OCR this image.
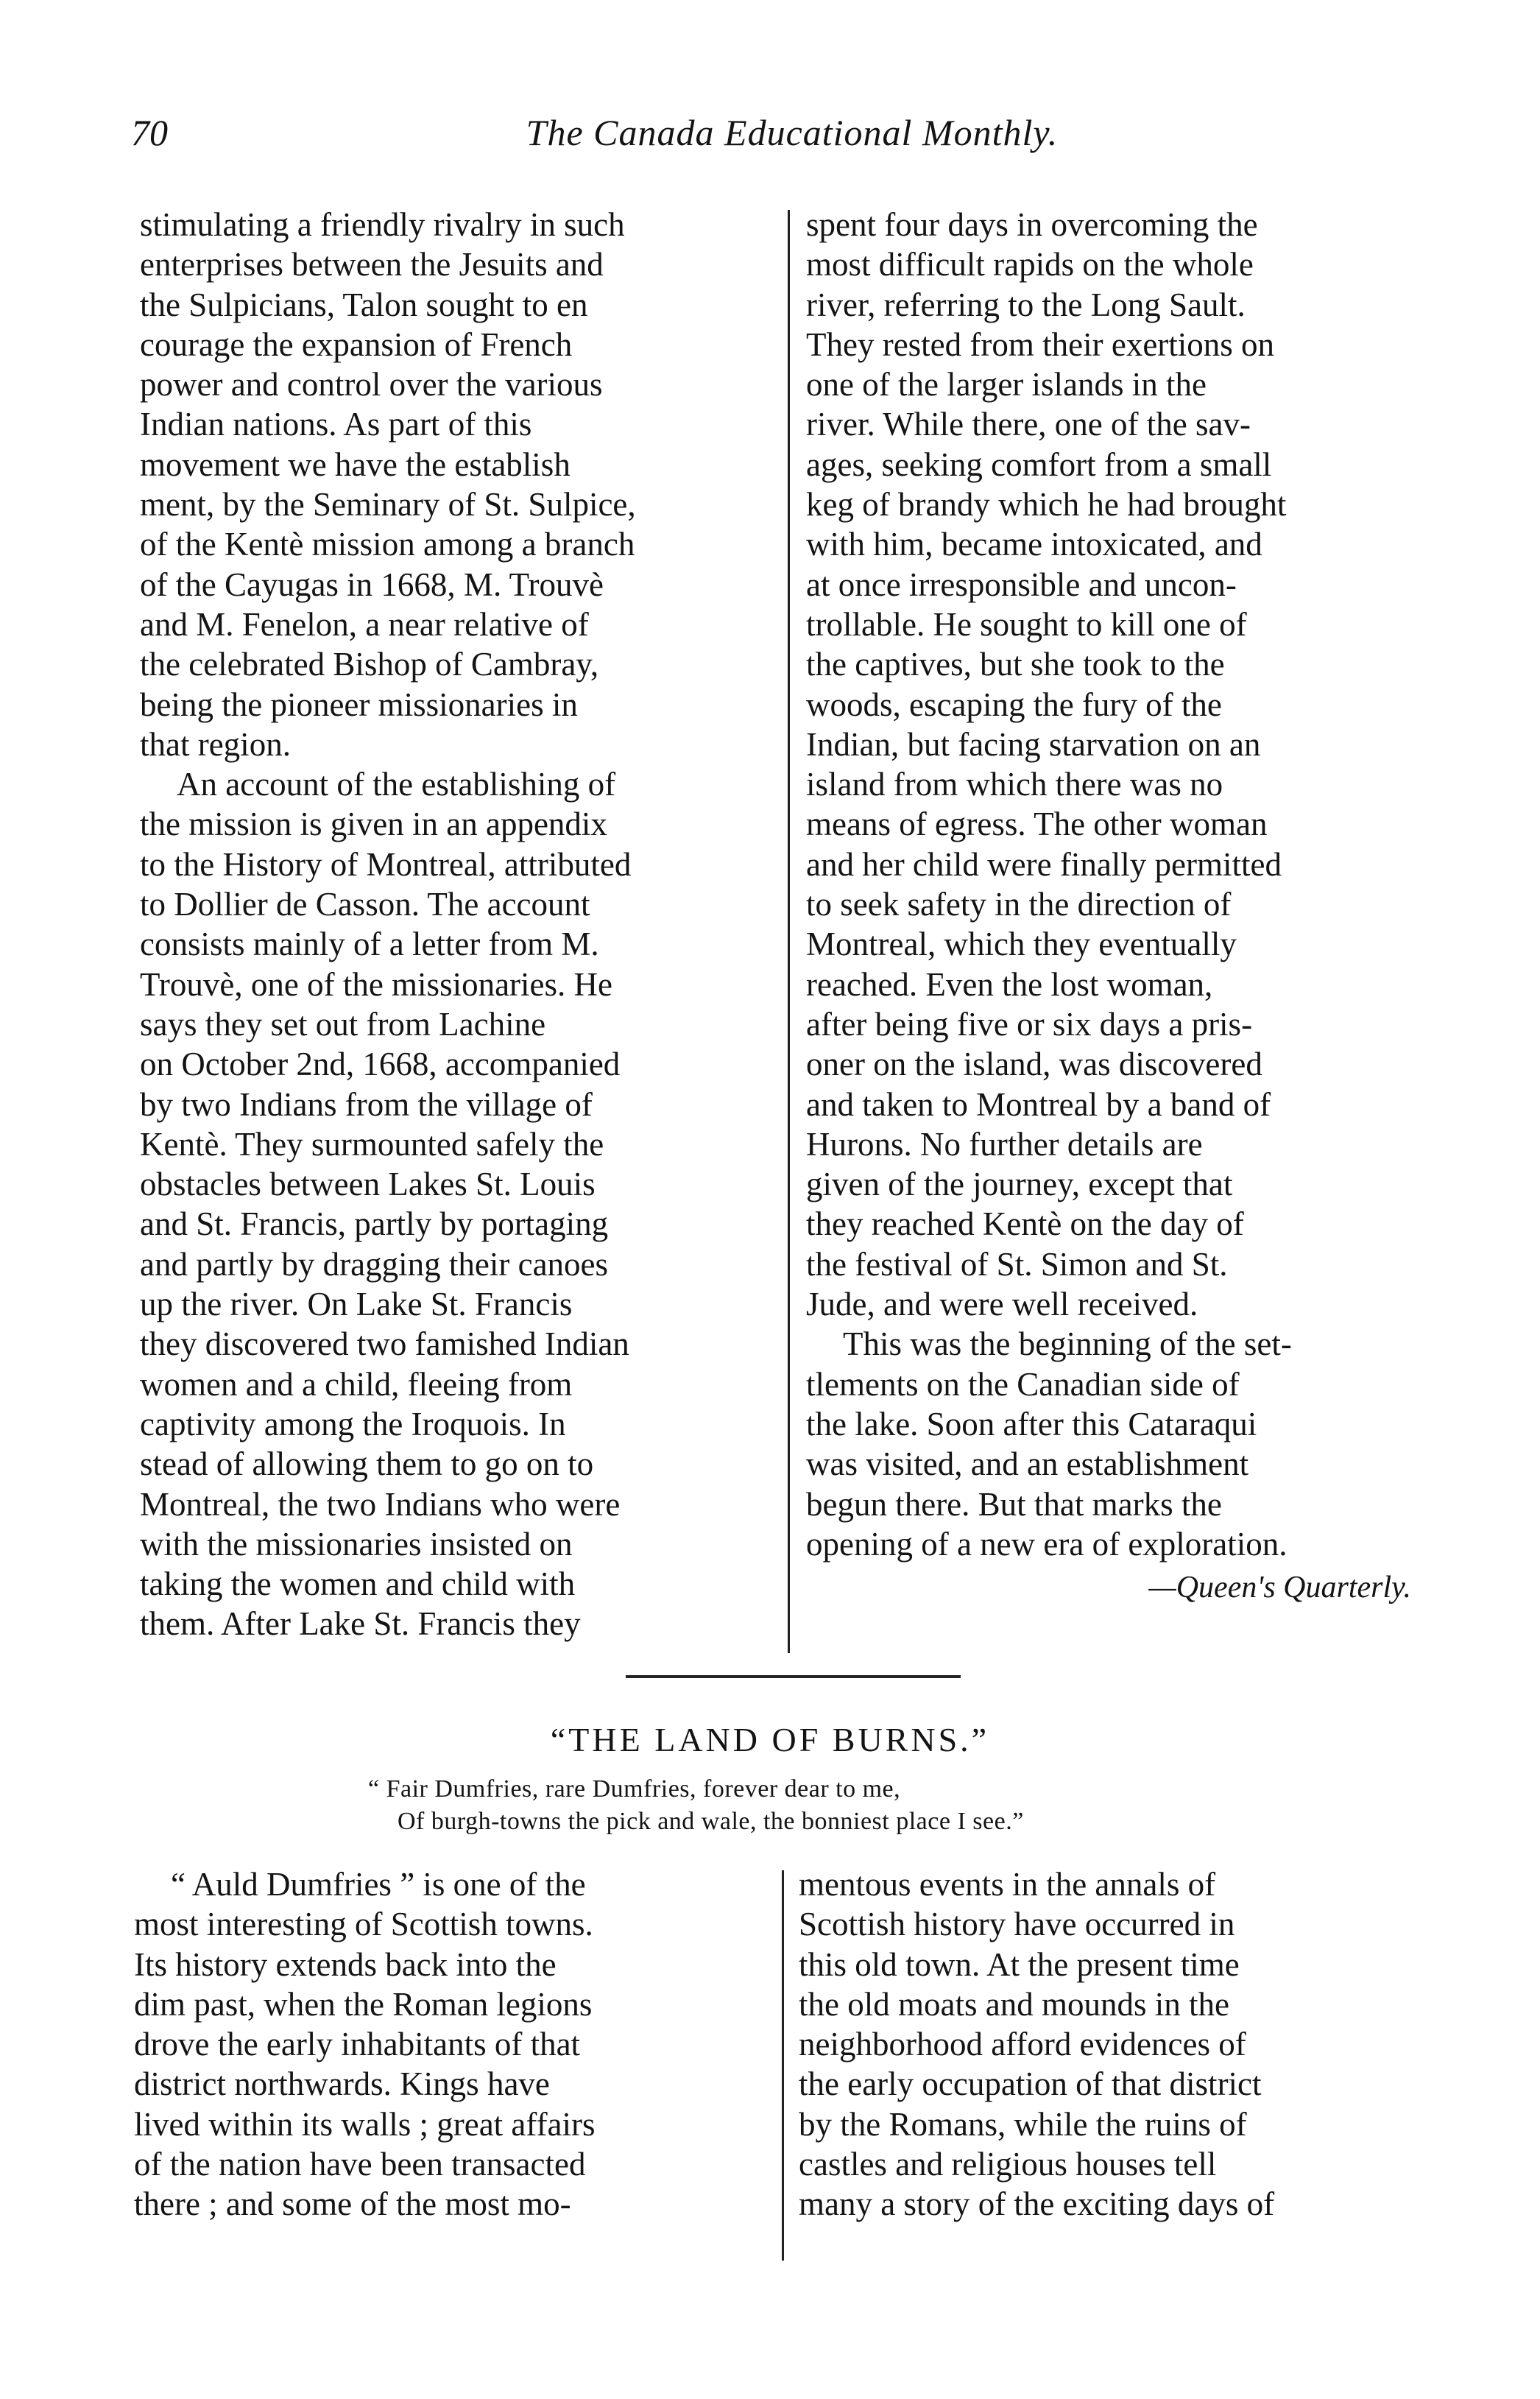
70	The Canada Educational Monthly.
stimulating a friendly rivalry in such
enterprises between the Jesuits and
the Sulpicians, Talon sought to en
courage the expansion of French
power and control over the various
Indian nations. As part of this
movement we have the establish
ment, by the Seminary of St. Sulpice,
of the Kentè mission among a branch
of the Cayugas in 1668, M. Trouvè
and M. Fenelon, a near relative of
the celebrated Bishop of Cambray,
being the pioneer missionaries in
that region.
An account of the establishing of
the mission is given in an appendix
to the History of Montreal, attributed
to Dollier de Casson. The account
consists mainly of a letter from M.
Trouvè, one of the missionaries. He
says they set out from Lachine
on October 2nd, 1668, accompanied
by two Indians from the village of
Kentè. They surmounted safely the
obstacles between Lakes St. Louis
and St. Francis, partly by portaging
and partly by dragging their canoes
up the river. On Lake St. Francis
they discovered two famished Indian
women and a child, fleeing from
captivity among the Iroquois. In
stead of allowing them to go on to
Montreal, the two Indians who were
with the missionaries insisted on
taking the women and child with
them. After Lake St. Francis they
spent four days in overcoming the
most difficult rapids on the whole
river, referring to the Long Sault.
They rested from their exertions on
one of the larger islands in the
river. While there, one of the sav-
ages, seeking comfort from a small
keg of brandy which he had brought
with him, became intoxicated, and
at once irresponsible and uncon-
trollable. He sought to kill one of
the captives, but she took to the
woods, escaping the fury of the
Indian, but facing starvation on an
island from which there was no
means of egress. The other woman
and her child were finally permitted
to seek safety in the direction of
Montreal, which they eventually
reached. Even the lost woman,
after being five or six days a pris-
oner on the island, was discovered
and taken to Montreal by a band of
Hurons. No further details are
given of the journey, except that
they reached Kentè on the day of
the festival of St. Simon and St.
Jude, and were well received.
This was the beginning of the set-
tlements on the Canadian side of
the lake. Soon after this Cataraqui
was visited, and an establishment
begun there. But that marks the
opening of a new era of exploration.
—Queen's Quarterly.
“THE LAND OF BURNS.”
“ Fair Dumfries, rare Dumfries, forever dear to me,
Of burgh-towns the pick and wale, the bonniest place I see.”
“ Auld Dumfries ” is one of the
most interesting of Scottish towns.
Its history extends back into the
dim past, when the Roman legions
drove the early inhabitants of that
district northwards. Kings have
lived within its walls ; great affairs
of the nation have been transacted
there ; and some of the most mo-
mentous events in the annals of
Scottish history have occurred in
this old town. At the present time
the old moats and mounds in the
neighborhood afford evidences of
the early occupation of that district
by the Romans, while the ruins of
castles and religious houses tell
many a story of the exciting days of
